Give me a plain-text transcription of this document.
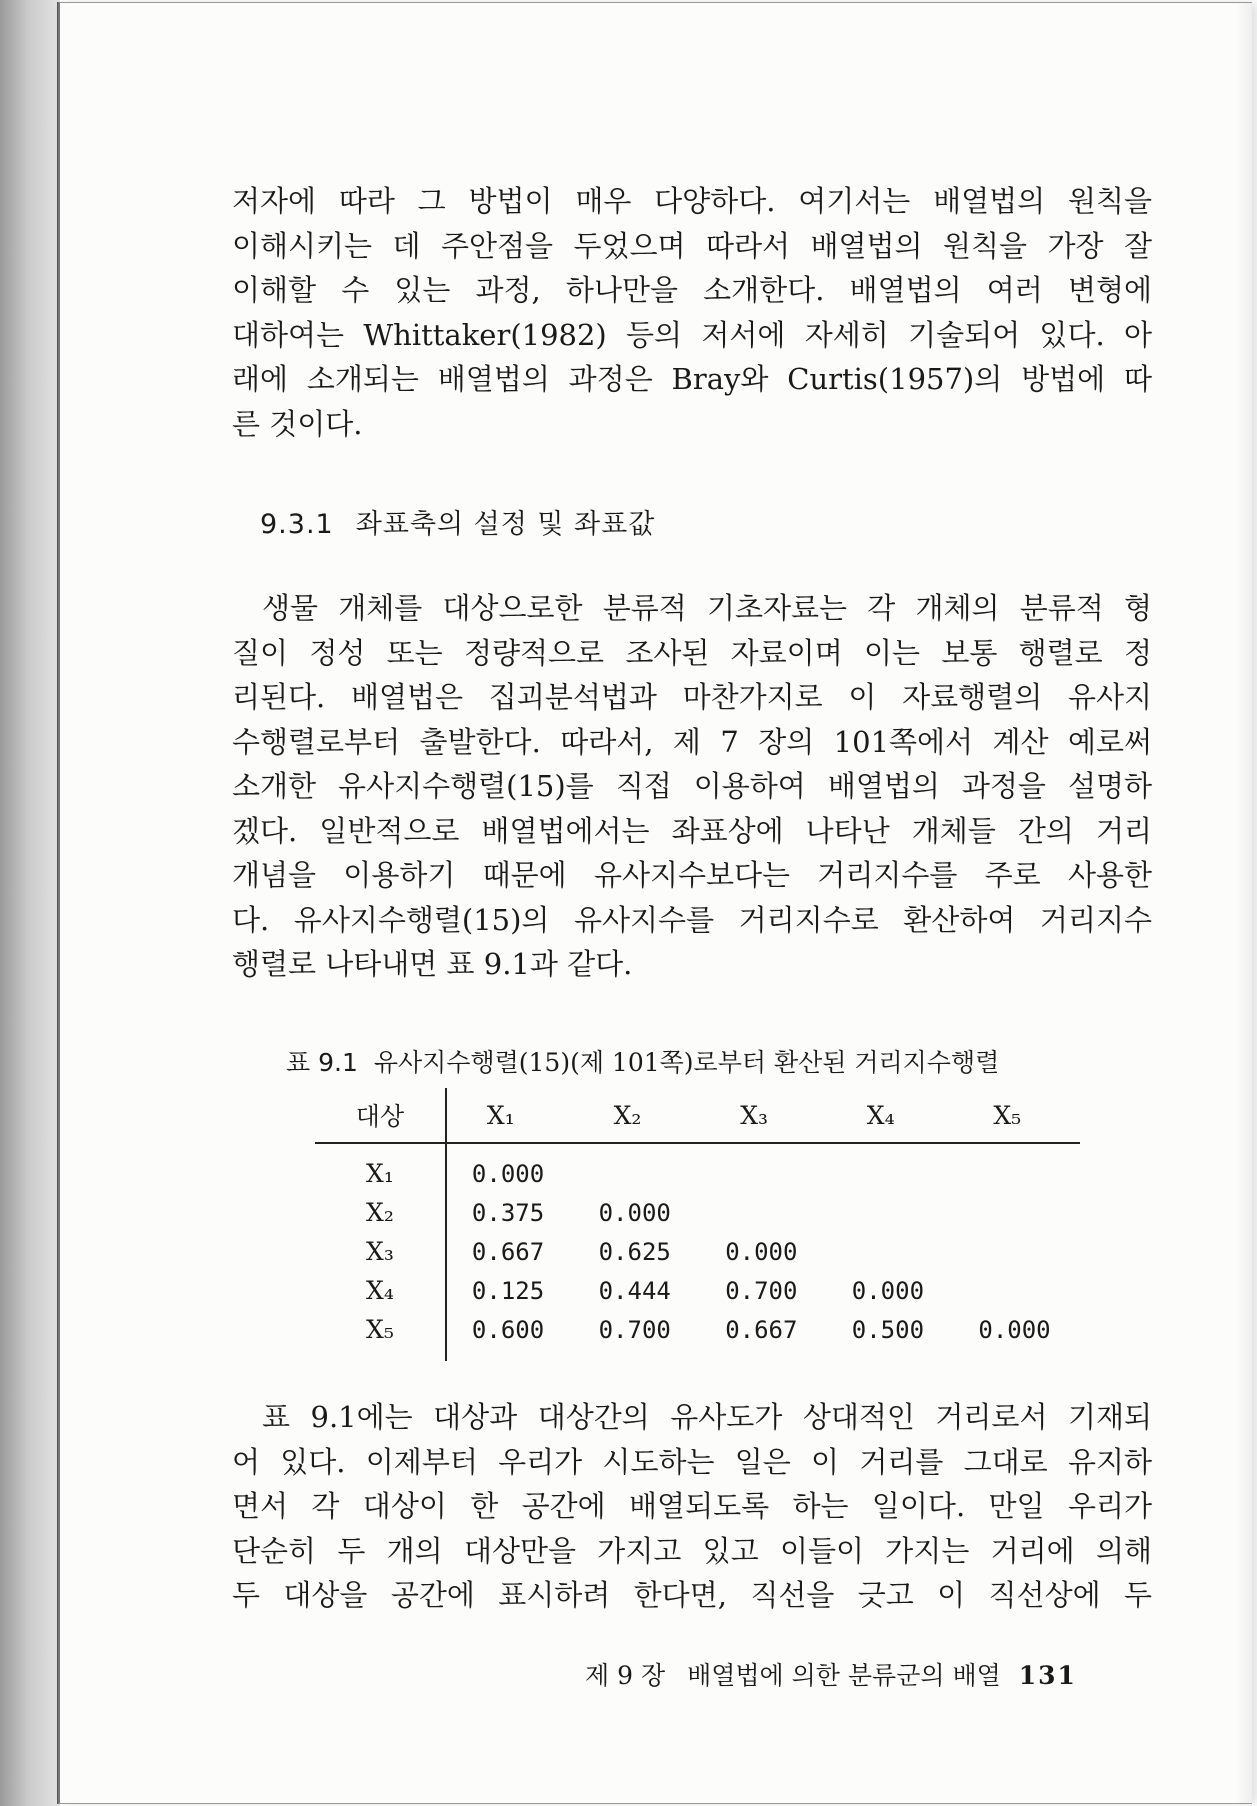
저자에 따라 그 방법이 매우 다양하다. 여기서는 배열법의 원칙을
이해시키는 데 주안점을 두었으며 따라서 배열법의 원칙을 가장 잘
이해할 수 있는 과정, 하나만을 소개한다. 배열법의 여러 변형에
대하여는 Whittaker(1982) 등의 저서에 자세히 기술되어 있다. 아
래에 소개되는 배열법의 과정은 Bray와 Curtis(1957)의 방법에 따
른 것이다.

9.3.1 좌표축의 설정 및 좌표값

생물 개체를 대상으로한 분류적 기초자료는 각 개체의 분류적 형
질이 정성 또는 정량적으로 조사된 자료이며 이는 보통 행렬로 정
리된다. 배열법은 집괴분석법과 마찬가지로 이 자료행렬의 유사지
수행렬로부터 출발한다. 따라서, 제 7 장의 101쪽에서 계산 예로써
소개한 유사지수행렬(15)를 직접 이용하여 배열법의 과정을 설명하
겠다. 일반적으로 배열법에서는 좌표상에 나타난 개체들 간의 거리
개념을 이용하기 때문에 유사지수보다는 거리지수를 주로 사용한
다. 유사지수행렬(15)의 유사지수를 거리지수로 환산하여 거리지수
행렬로 나타내면 표 9.1과 같다.

표 9.1 유사지수행렬(15)(제 101쪽)로부터 환산된 거리지수행렬

대상	X₁	X₂	X₃	X₄	X₅
X₁	0.000				
X₂	0.375	0.000			
X₃	0.667	0.625	0.000		
X₄	0.125	0.444	0.700	0.000	
X₅	0.600	0.700	0.667	0.500	0.000

표 9.1에는 대상과 대상간의 유사도가 상대적인 거리로서 기재되
어 있다. 이제부터 우리가 시도하는 일은 이 거리를 그대로 유지하
면서 각 대상이 한 공간에 배열되도록 하는 일이다. 만일 우리가
단순히 두 개의 대상만을 가지고 있고 이들이 가지는 거리에 의해
두 대상을 공간에 표시하려 한다면, 직선을 긋고 이 직선상에 두

제 9 장 배열법에 의한 분류군의 배열 131
